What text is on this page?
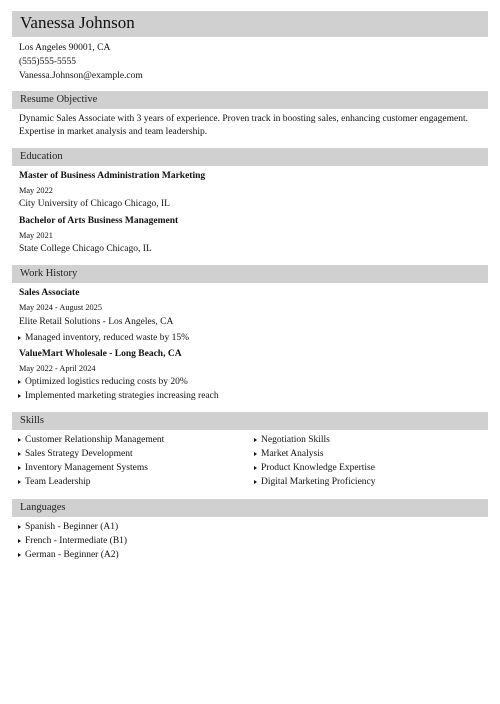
Vanessa Johnson
Los Angeles 90001, CA
(555)555-5555
Vanessa.Johnson@example.com
Resume Objective
Dynamic Sales Associate with 3 years of experience. Proven track in boosting sales, enhancing customer engagement.
Expertise in market analysis and team leadership.
Education
Master of Business Administration Marketing
May 2022
City University of Chicago Chicago, IL
Bachelor of Arts Business Management
May 2021
State College Chicago Chicago, IL
Work History
Sales Associate
May 2024 - August 2025
Elite Retail Solutions - Los Angeles, CA
Managed inventory, reduced waste by 15%
ValueMart Wholesale - Long Beach, CA
May 2022 - April 2024
Optimized logistics reducing costs by 20%
Implemented marketing strategies increasing reach
Skills
Customer Relationship Management
Sales Strategy Development
Inventory Management Systems
Team Leadership
Negotiation Skills
Market Analysis
Product Knowledge Expertise
Digital Marketing Proficiency
Languages
Spanish - Beginner (A1)
French - Intermediate (B1)
German - Beginner (A2)
